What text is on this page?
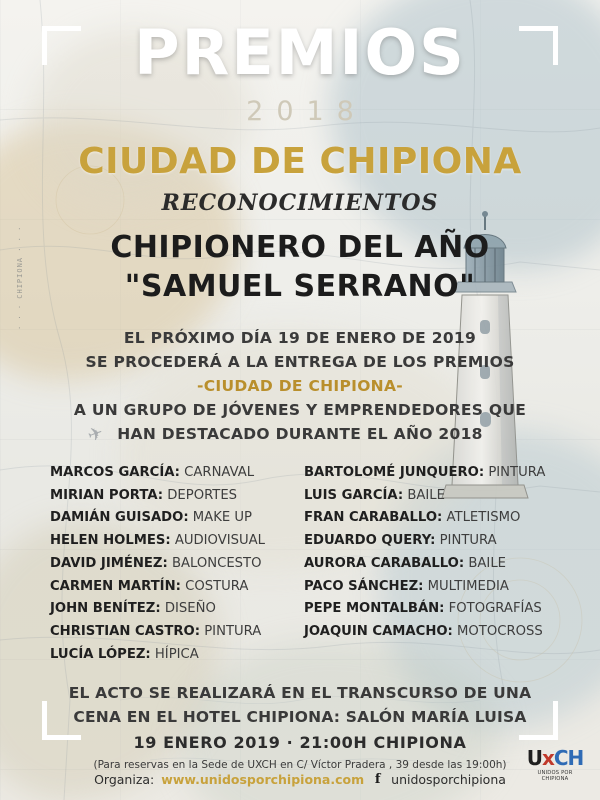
✈
· · · CHIPIONA · · ·
PREMIOS
2018
CIUDAD DE CHIPIONA
RECONOCIMIENTOS
CHIPIONERO DEL AÑO
"SAMUEL SERRANO"
EL PRÓXIMO DÍA 19 DE ENERO DE 2019
SE PROCEDERÁ A LA ENTREGA DE LOS PREMIOS
-CIUDAD DE CHIPIONA-
A UN GRUPO DE JÓVENES Y EMPRENDEDORES QUE
HAN DESTACADO DURANTE EL AÑO 2018
MARCOS GARCÍA: CARNAVAL
MIRIAN PORTA: DEPORTES
DAMIÁN GUISADO: MAKE UP
HELEN HOLMES: AUDIOVISUAL
DAVID JIMÉNEZ: BALONCESTO
CARMEN MARTÍN: COSTURA
JOHN BENÍTEZ: DISEÑO
CHRISTIAN CASTRO: PINTURA
LUCÍA LÓPEZ: HÍPICA
BARTOLOMÉ JUNQUERO: PINTURA
LUIS GARCÍA: BAILE
FRAN CARABALLO: ATLETISMO
EDUARDO QUERY: PINTURA
AURORA CARABALLO: BAILE
PACO SÁNCHEZ: MULTIMEDIA
PEPE MONTALBÁN: FOTOGRAFÍAS
JOAQUIN CAMACHO: MOTOCROSS
EL ACTO SE REALIZARÁ EN EL TRANSCURSO DE UNA
CENA EN EL HOTEL CHIPIONA: SALÓN MARÍA LUISA
19 ENERO 2019 · 21:00H CHIPIONA
(Para reservas en la Sede de UXCH en C/ Víctor Pradera , 39 desde las 19:00h)
Organiza: www.unidosporchipiona.com f unidosporchipiona
UxCH
UNIDOS POR
CHIPIONA
